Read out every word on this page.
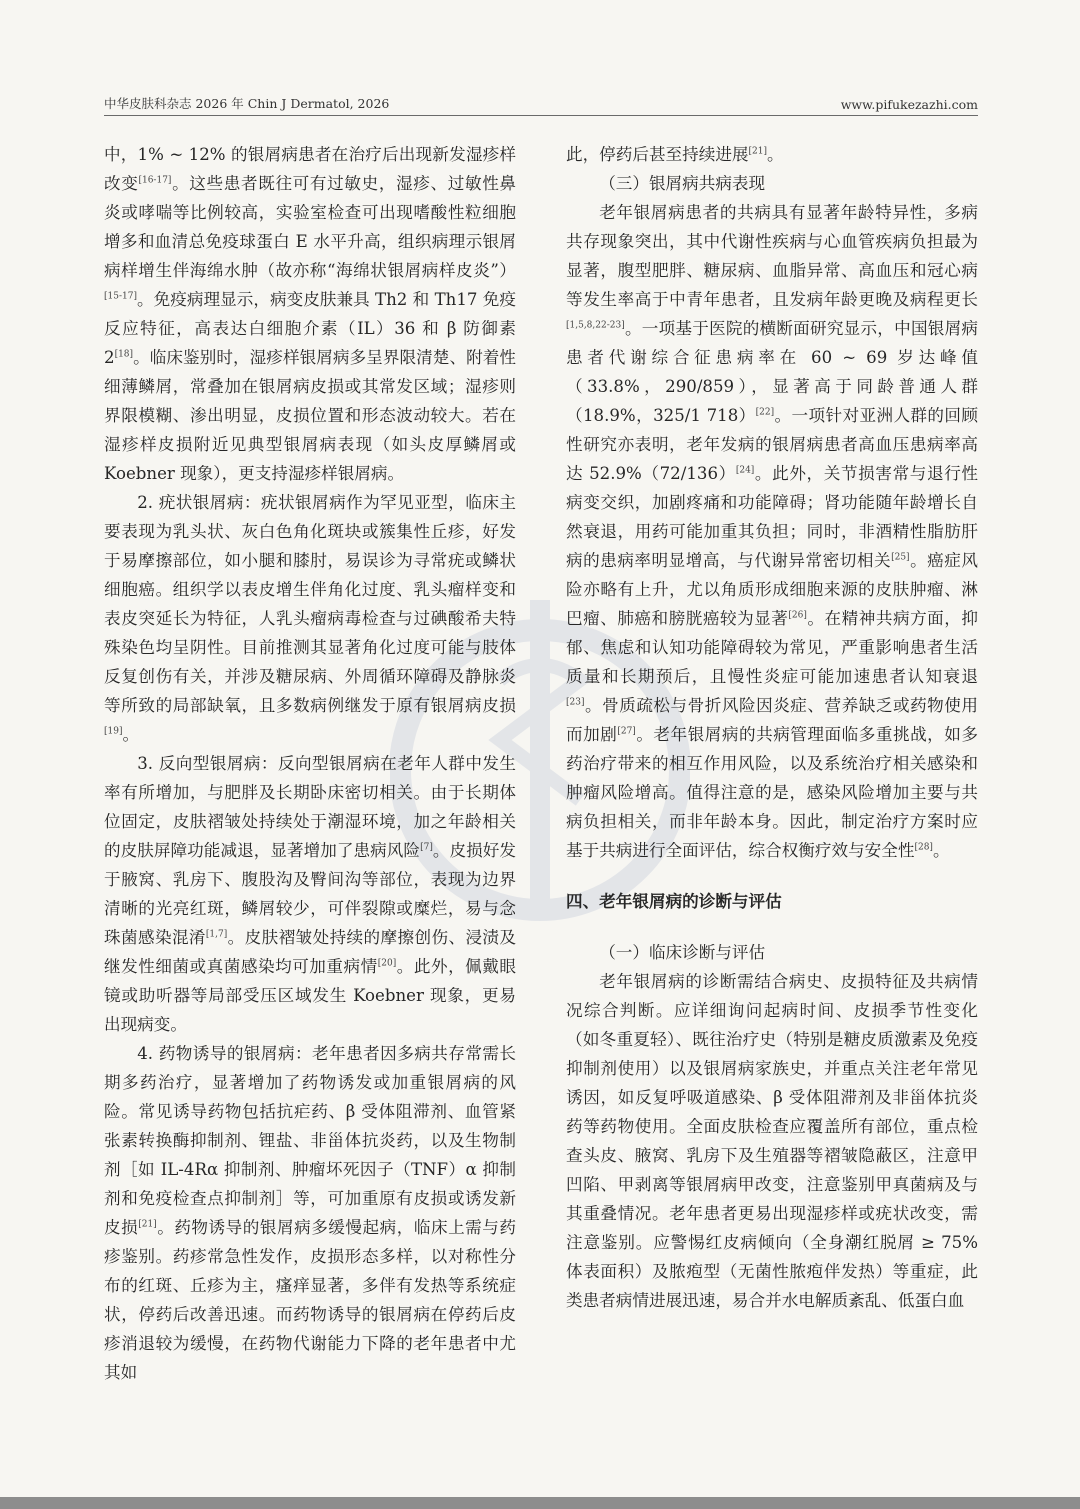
中华皮肤科杂志 2026 年 Chin J Dermatol, 2026	www.pifukezazhi.com

中，1% ~ 12% 的银屑病患者在治疗后出现新发湿疹样改变[16-17]。这些患者既往可有过敏史，湿疹、过敏性鼻炎或哮喘等比例较高，实验室检查可出现嗜酸性粒细胞增多和血清总免疫球蛋白 E 水平升高，组织病理示银屑病样增生伴海绵水肿（故亦称“海绵状银屑病样皮炎”）[15-17]。免疫病理显示，病变皮肤兼具 Th2 和 Th17 免疫反应特征，高表达白细胞介素（IL）36 和 β 防御素 2[18]。临床鉴别时，湿疹样银屑病多呈界限清楚、附着性细薄鳞屑，常叠加在银屑病皮损或其常发区域；湿疹则界限模糊、渗出明显，皮损位置和形态波动较大。若在湿疹样皮损附近见典型银屑病表现（如头皮厚鳞屑或 Koebner 现象），更支持湿疹样银屑病。

2. 疣状银屑病：疣状银屑病作为罕见亚型，临床主要表现为乳头状、灰白色角化斑块或簇集性丘疹，好发于易摩擦部位，如小腿和膝肘，易误诊为寻常疣或鳞状细胞癌。组织学以表皮增生伴角化过度、乳头瘤样变和表皮突延长为特征，人乳头瘤病毒检查与过碘酸希夫特殊染色均呈阴性。目前推测其显著角化过度可能与肢体反复创伤有关，并涉及糖尿病、外周循环障碍及静脉炎等所致的局部缺氧，且多数病例继发于原有银屑病皮损[19]。

3. 反向型银屑病：反向型银屑病在老年人群中发生率有所增加，与肥胖及长期卧床密切相关。由于长期体位固定，皮肤褶皱处持续处于潮湿环境，加之年龄相关的皮肤屏障功能减退，显著增加了患病风险[7]。皮损好发于腋窝、乳房下、腹股沟及臀间沟等部位，表现为边界清晰的光亮红斑，鳞屑较少，可伴裂隙或糜烂，易与念珠菌感染混淆[1,7]。皮肤褶皱处持续的摩擦创伤、浸渍及继发性细菌或真菌感染均可加重病情[20]。此外，佩戴眼镜或助听器等局部受压区域发生 Koebner 现象，更易出现病变。

4. 药物诱导的银屑病：老年患者因多病共存常需长期多药治疗，显著增加了药物诱发或加重银屑病的风险。常见诱导药物包括抗疟药、β 受体阻滞剂、血管紧张素转换酶抑制剂、锂盐、非甾体抗炎药，以及生物制剂［如 IL-4Rα 抑制剂、肿瘤坏死因子（TNF）α 抑制剂和免疫检查点抑制剂］等，可加重原有皮损或诱发新皮损[21]。药物诱导的银屑病多缓慢起病，临床上需与药疹鉴别。药疹常急性发作，皮损形态多样，以对称性分布的红斑、丘疹为主，瘙痒显著，多伴有发热等系统症状，停药后改善迅速。而药物诱导的银屑病在停药后皮疹消退较为缓慢，在药物代谢能力下降的老年患者中尤其如

此，停药后甚至持续进展[21]。

（三）银屑病共病表现

老年银屑病患者的共病具有显著年龄特异性，多病共存现象突出，其中代谢性疾病与心血管疾病负担最为显著，腹型肥胖、糖尿病、血脂异常、高血压和冠心病等发生率高于中青年患者，且发病年龄更晚及病程更长[1,5,8,22-23]。一项基于医院的横断面研究显示，中国银屑病患者代谢综合征患病率在 60 ~ 69 岁达峰值（33.8%，290/859），显著高于同龄普通人群（18.9%，325/1 718）[22]。一项针对亚洲人群的回顾性研究亦表明，老年发病的银屑病患者高血压患病率高达 52.9%（72/136）[24]。此外，关节损害常与退行性病变交织，加剧疼痛和功能障碍；肾功能随年龄增长自然衰退，用药可能加重其负担；同时，非酒精性脂肪肝病的患病率明显增高，与代谢异常密切相关[25]。癌症风险亦略有上升，尤以角质形成细胞来源的皮肤肿瘤、淋巴瘤、肺癌和膀胱癌较为显著[26]。在精神共病方面，抑郁、焦虑和认知功能障碍较为常见，严重影响患者生活质量和长期预后，且慢性炎症可能加速患者认知衰退[23]。骨质疏松与骨折风险因炎症、营养缺乏或药物使用而加剧[27]。老年银屑病的共病管理面临多重挑战，如多药治疗带来的相互作用风险，以及系统治疗相关感染和肿瘤风险增高。值得注意的是，感染风险增加主要与共病负担相关，而非年龄本身。因此，制定治疗方案时应基于共病进行全面评估，综合权衡疗效与安全性[28]。

四、老年银屑病的诊断与评估

（一）临床诊断与评估

老年银屑病的诊断需结合病史、皮损特征及共病情况综合判断。应详细询问起病时间、皮损季节性变化（如冬重夏轻）、既往治疗史（特别是糖皮质激素及免疫抑制剂使用）以及银屑病家族史，并重点关注老年常见诱因，如反复呼吸道感染、β 受体阻滞剂及非甾体抗炎药等药物使用。全面皮肤检查应覆盖所有部位，重点检查头皮、腋窝、乳房下及生殖器等褶皱隐蔽区，注意甲凹陷、甲剥离等银屑病甲改变，注意鉴别甲真菌病及与其重叠情况。老年患者更易出现湿疹样或疣状改变，需注意鉴别。应警惕红皮病倾向（全身潮红脱屑 ≥ 75% 体表面积）及脓疱型（无菌性脓疱伴发热）等重症，此类患者病情进展迅速，易合并水电解质紊乱、低蛋白血
